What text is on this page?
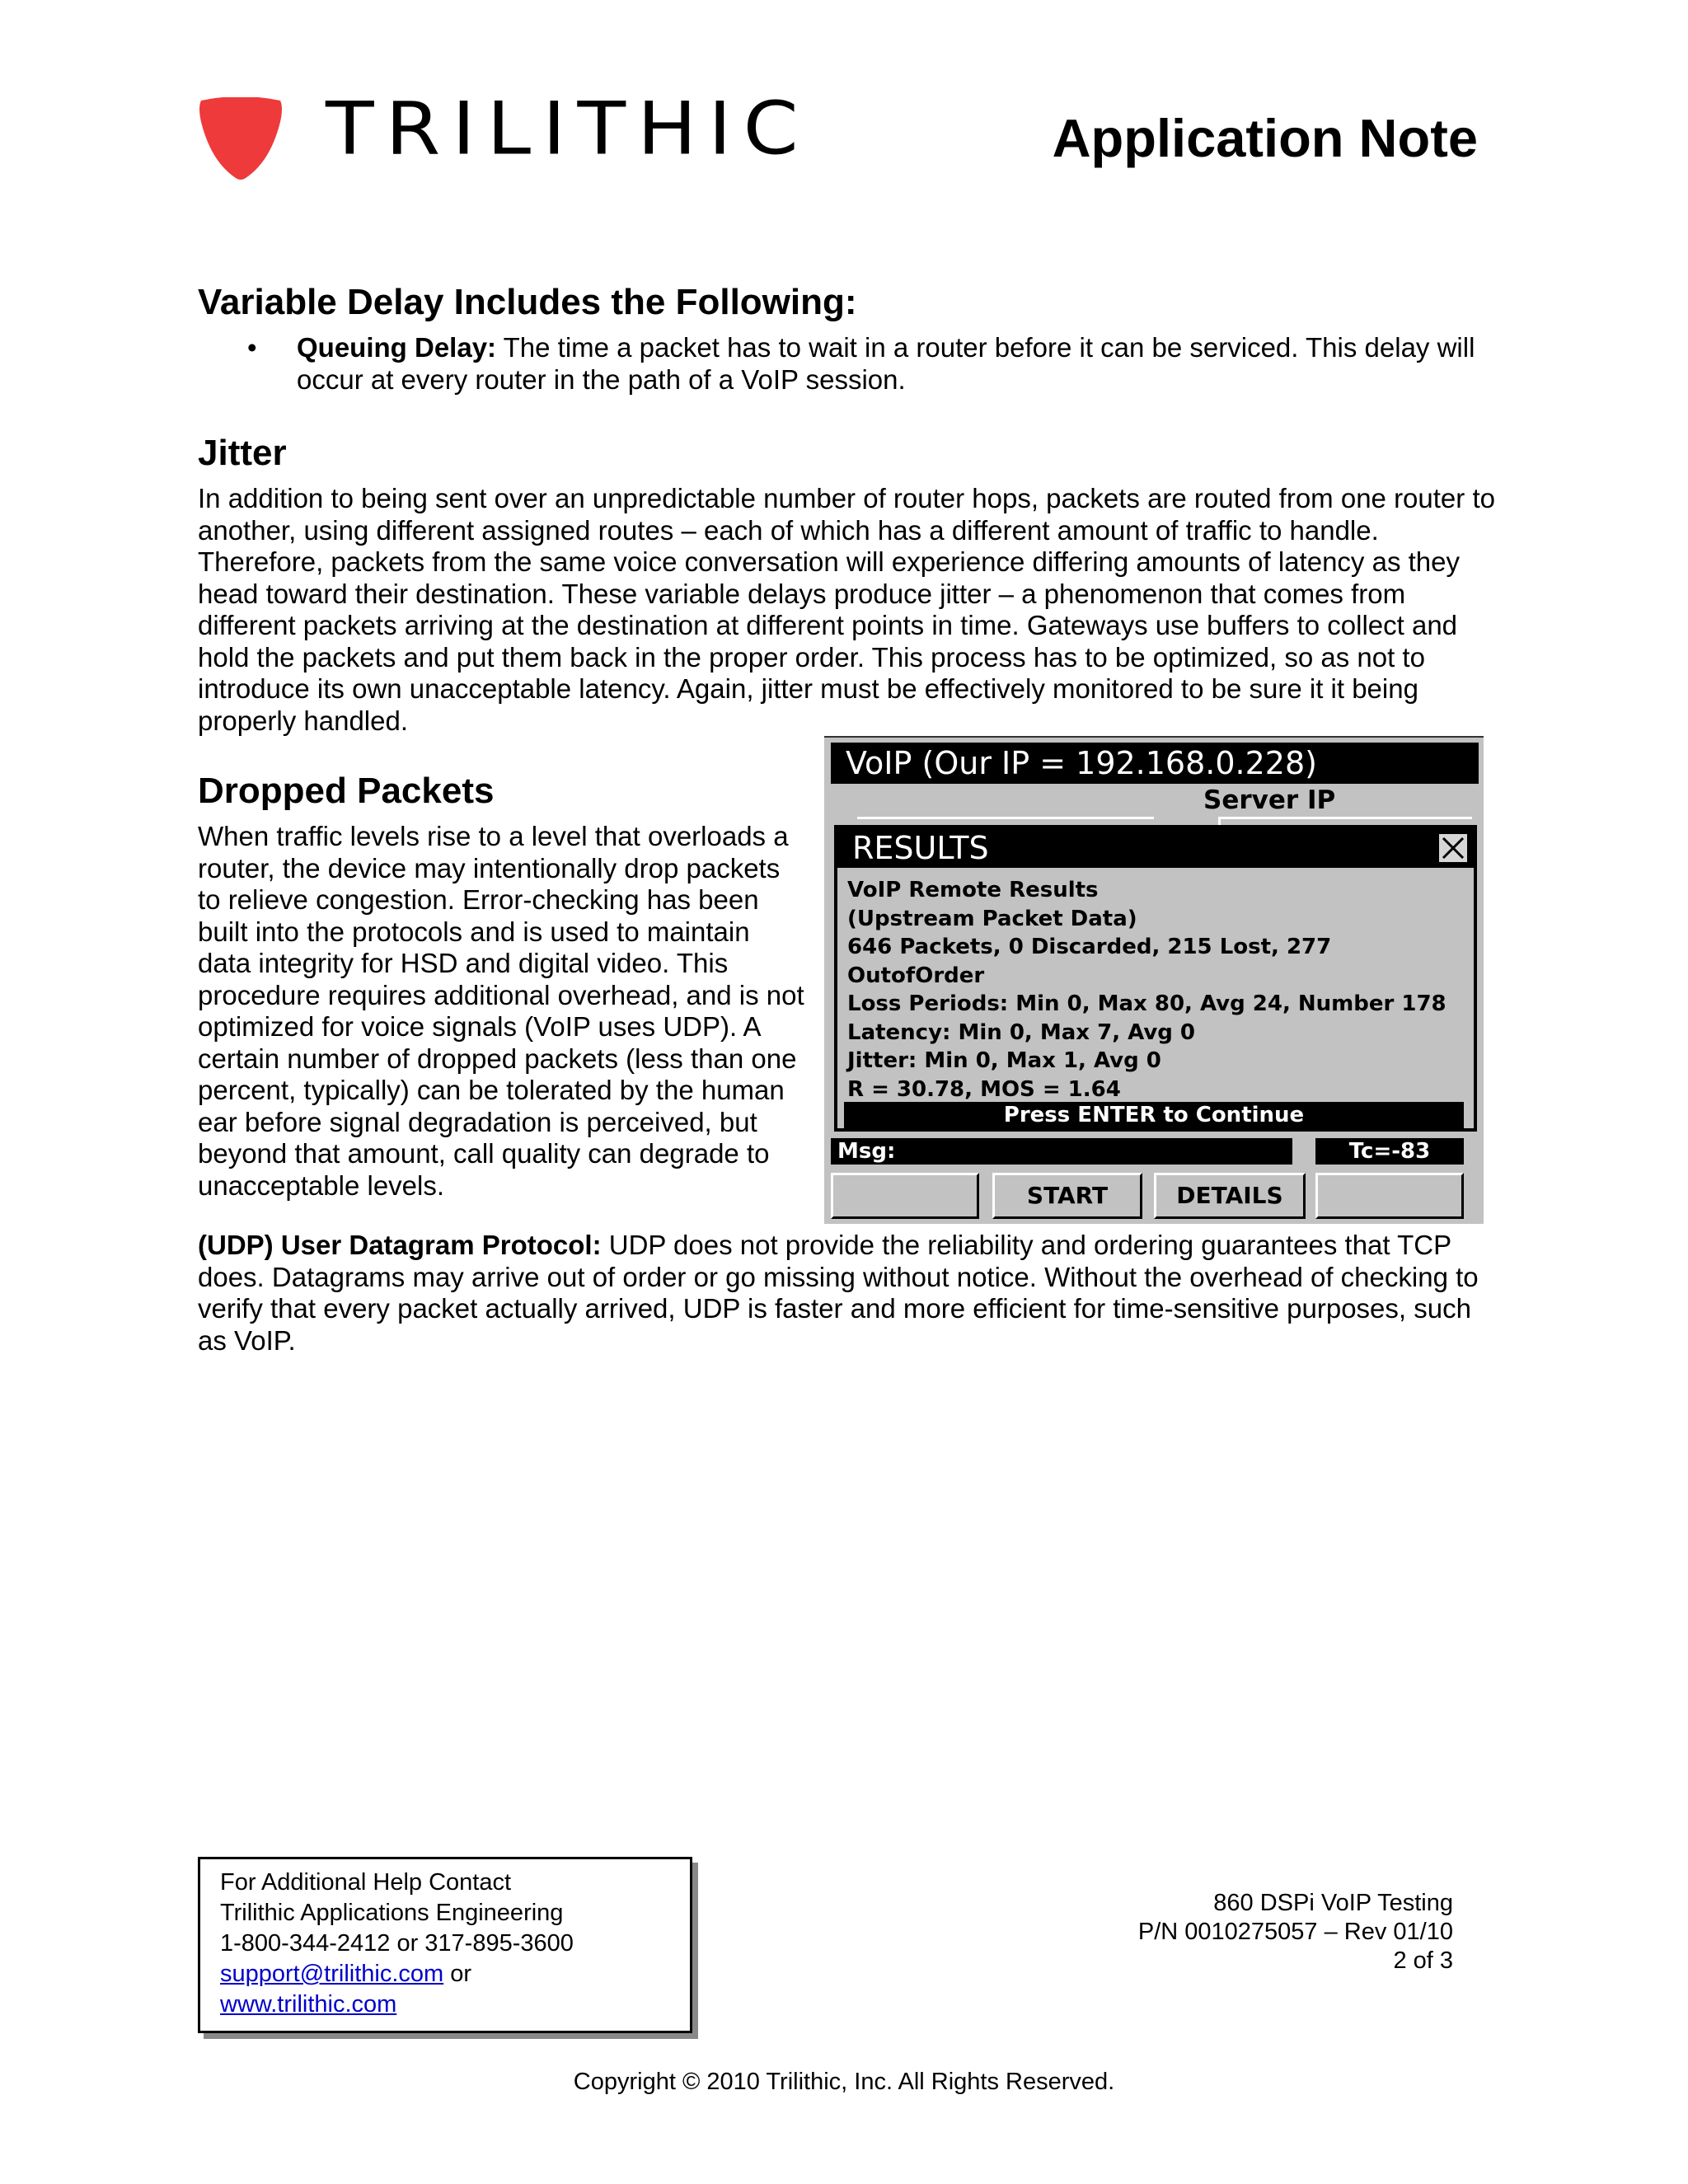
TRILITHIC	Application Note
Variable Delay Includes the Following:
• Queuing Delay: The time a packet has to wait in a router before it can be serviced. This delay will occur at every router in the path of a VoIP session.
Jitter
In addition to being sent over an unpredictable number of router hops, packets are routed from one router to another, using different assigned routes – each of which has a different amount of traffic to handle. Therefore, packets from the same voice conversation will experience differing amounts of latency as they head toward their destination. These variable delays produce jitter – a phenomenon that comes from different packets arriving at the destination at different points in time. Gateways use buffers to collect and hold the packets and put them back in the proper order. This process has to be optimized, so as not to introduce its own unacceptable latency. Again, jitter must be effectively monitored to be sure it it being properly handled.
Dropped Packets
When traffic levels rise to a level that overloads a router, the device may intentionally drop packets to relieve congestion. Error-checking has been built into the protocols and is used to maintain data integrity for HSD and digital video. This procedure requires additional overhead, and is not optimized for voice signals (VoIP uses UDP). A certain number of dropped packets (less than one percent, typically) can be tolerated by the human ear before signal degradation is perceived, but beyond that amount, call quality can degrade to unacceptable levels.
VoIP (Our IP = 192.168.0.228)
Server IP
RESULTS
VoIP Remote Results
(Upstream Packet Data)
646 Packets, 0 Discarded, 215 Lost, 277 OutofOrder
Loss Periods: Min 0, Max 80, Avg 24, Number 178
Latency: Min 0, Max 7, Avg 0
Jitter: Min 0, Max 1, Avg 0
R = 30.78, MOS = 1.64
Press ENTER to Continue
Msg:	Tc=-83
START	DETAILS
(UDP) User Datagram Protocol: UDP does not provide the reliability and ordering guarantees that TCP does. Datagrams may arrive out of order or go missing without notice. Without the overhead of checking to verify that every packet actually arrived, UDP is faster and more efficient for time-sensitive purposes, such as VoIP.
For Additional Help Contact
Trilithic Applications Engineering
1-800-344-2412 or 317-895-3600
support@trilithic.com or
www.trilithic.com
860 DSPi VoIP Testing
P/N 0010275057 – Rev 01/10
2 of 3
Copyright © 2010 Trilithic, Inc. All Rights Reserved.
